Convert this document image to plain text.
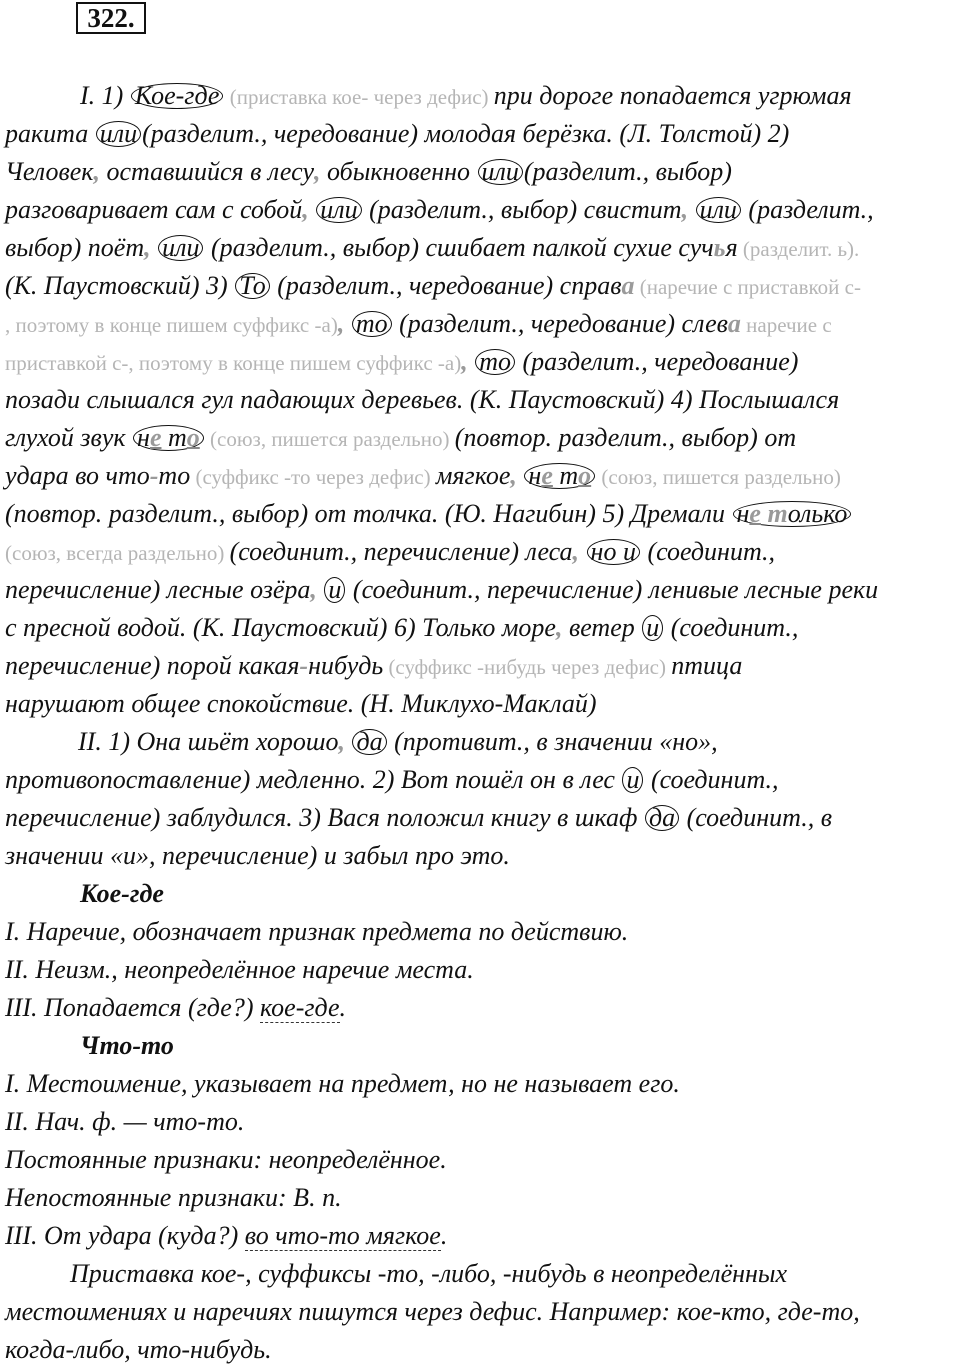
322.
I. 1) Кое-где (приставка кое- через дефис) при дороге попадается угрюмая
ракита или (разделит., чередование) молодая берёзка. (Л. Толстой) 2)
Человек, оставшийся в лесу, обыкновенно или (разделит., выбор)
разговаривает сам с собой, или (разделит., выбор) свистит, или (разделит.,
выбор) поёт, или (разделит., выбор) сшибает палкой сухие сучья (разделит. ь).
(К. Паустовский) 3) То (разделит., чередование) справа (наречие с приставкой с-
, поэтому в конце пишем суффикс -а), то (разделит., чередование) слева наречие с
приставкой с-, поэтому в конце пишем суффикс -а), то (разделит., чередование)
позади слышался гул падающих деревьев. (К. Паустовский) 4) Послышался
глухой звук не то (союз, пишется раздельно) (повтор. разделит., выбор) от
удара во что-то (суффикс -то через дефис) мягкое, не то (союз, пишется раздельно)
(повтор. разделит., выбор) от толчка. (Ю. Нагибин) 5) Дремали не только
(союз, всегда раздельно) (соединит., перечисление) леса, но и (соединит.,
перечисление) лесные озёра, и (соединит., перечисление) ленивые лесные реки
с пресной водой. (К. Паустовский) 6) Только море, ветер и (соединит.,
перечисление) порой какая-нибудь (суффикс -нибудь через дефис) птица
нарушают общее спокойствие. (Н. Миклухо-Маклай)
II. 1) Она шьёт хорошо, да (противит., в значении «но»,
противопоставление) медленно. 2) Вот пошёл он в лес и (соединит.,
перечисление) заблудился. 3) Вася положил книгу в шкаф да (соединит., в
значении «и», перечисление) и забыл про это.
Кое-где
I. Наречие, обозначает признак предмета по действию.
II. Неизм., неопределённое наречие места.
III. Попадается (где?) кое-где.
Что-то
I. Местоимение, указывает на предмет, но не называет его.
II. Нач. ф. — что-то.
Постоянные признаки: неопределённое.
Непостоянные признаки: В. п.
III. От удара (куда?) во что-то мягкое.
Приставка кое-, суффиксы -то, -либо, -нибудь в неопределённых
местоимениях и наречиях пишутся через дефис. Например: кое-кто, где-то,
когда-либо, что-нибудь.
